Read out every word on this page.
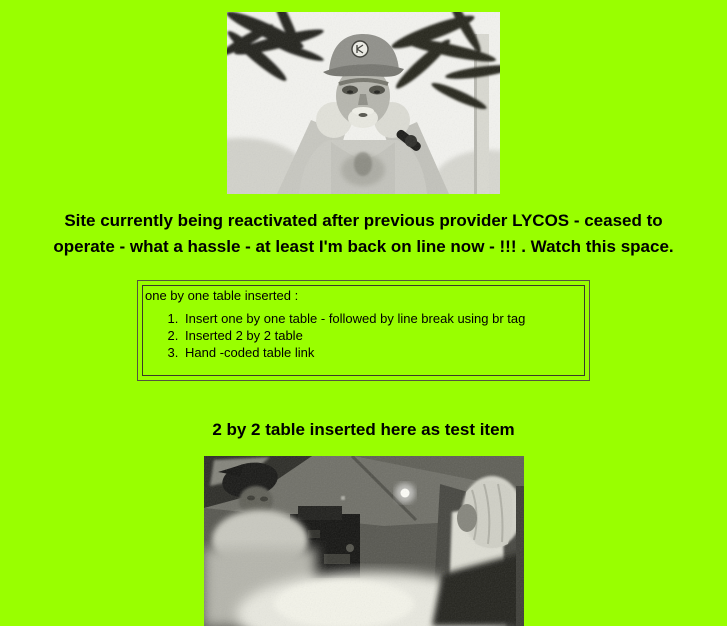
Site currently being reactivated after previous provider LYCOS - ceased to
operate - what a hassle - at least I'm back on line now - !!! . Watch this space.
one by one table inserted :
1. Insert one by one table - followed by line break using br tag
2. Inserted 2 by 2 table
3. Hand -coded table link
2 by 2 table inserted here as test item
